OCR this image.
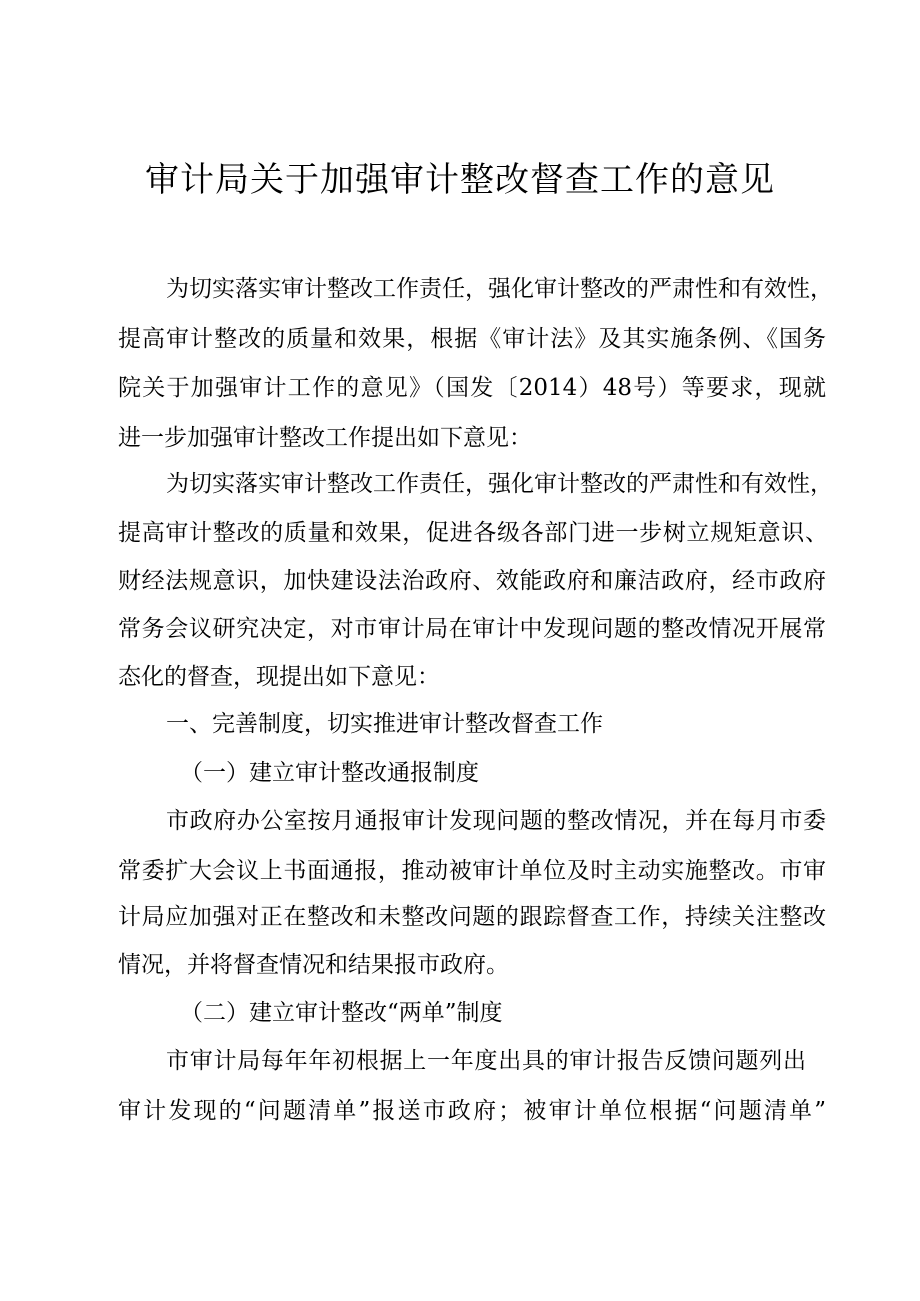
审计局关于加强审计整改督查工作的意见
为切实落实审计整改工作责任，强化审计整改的严肃性和有效性，
提高审计整改的质量和效果，根据《审计法》及其实施条例、《国务
院关于加强审计工作的意见》（国发〔2014）48号）等要求，现就
进一步加强审计整改工作提出如下意见：
为切实落实审计整改工作责任，强化审计整改的严肃性和有效性，
提高审计整改的质量和效果，促进各级各部门进一步树立规矩意识、
财经法规意识，加快建设法治政府、效能政府和廉洁政府，经市政府
常务会议研究决定，对市审计局在审计中发现问题的整改情况开展常
态化的督查，现提出如下意见：
一、完善制度，切实推进审计整改督查工作
（一）建立审计整改通报制度
市政府办公室按月通报审计发现问题的整改情况，并在每月市委
常委扩大会议上书面通报，推动被审计单位及时主动实施整改。市审
计局应加强对正在整改和未整改问题的跟踪督查工作，持续关注整改
情况，并将督查情况和结果报市政府。
（二）建立审计整改“两单”制度
市审计局每年年初根据上一年度出具的审计报告反馈问题列出
审计发现的“问题清单”报送市政府；被审计单位根据“问题清单”
